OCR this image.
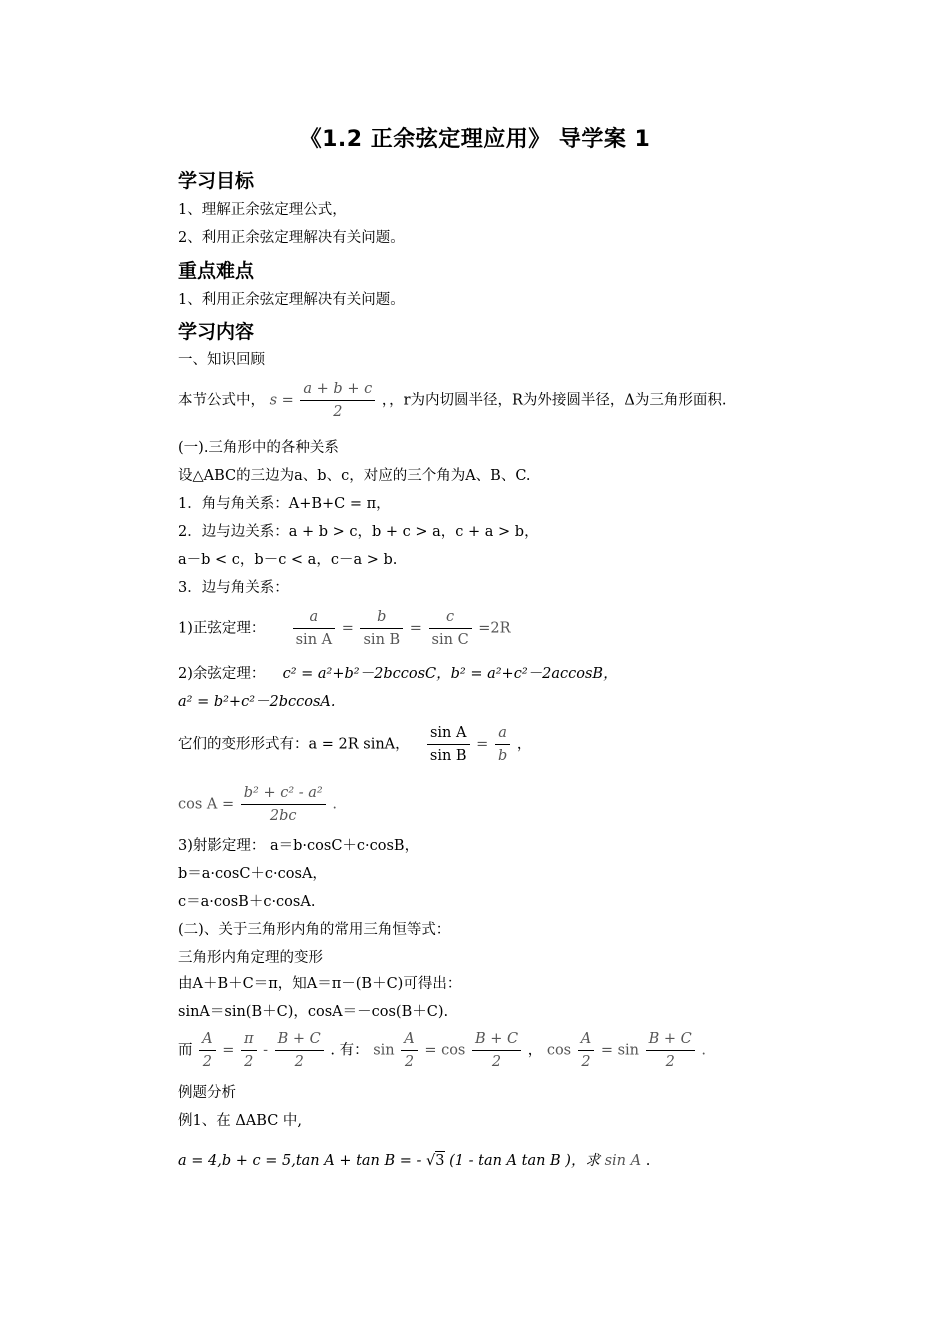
《1.2 正余弦定理应用》 导学案 1
学习目标
1、理解正余弦定理公式，
2、利用正余弦定理解决有关问题。
重点难点
1、利用正余弦定理解决有关问题。
学习内容
一、知识回顾
本节公式中， $s = \frac{a + b + c}{2}$ ，，r为内切圆半径，R为外接圆半径，Δ为三角形面积.
(一).三角形中的各种关系
设△ABC的三边为a、b、c，对应的三个角为A、B、C.
1．角与角关系：A+B+C = π，
2．边与边关系：a + b > c，b + c > a，c + a > b，
a－b < c，b－c < a，c－a > b.
3．边与角关系：
1)正弦定理： $\frac{a}{\text{sin A}} = \frac{b}{\text{sin B}} = \frac{c}{\text{sin C}} =2R$
2)余弦定理： c² = a²+b²－2bccosC，b² = a²+c²－2accosB，
a² = b²+c²－2bccosA.
它们的变形形式有：a = 2R sinA， $\frac{\text{sin A}}{\text{sin B}} = \frac{a}{b}$ ，
$\cos A = \frac{\text{b² + c² - a²}}{2bc}$ .
3)射影定理： a＝b·cosC＋c·cosB，
b＝a·cosC＋c·cosA，
c＝a·cosB＋c·cosA.
(二)、关于三角形内角的常用三角恒等式：
三角形内角定理的变形
由A＋B＋C＝π，知A＝π－(B＋C)可得出：
sinA＝sin(B＋C)，cosA＝－cos(B＋C).
而 $\frac{A}{2} = \frac{\pi}{2} - \frac{B + C}{2}$ . 有： $\sin \frac{A}{2} = \cos \frac{B + C}{2}$ ， $\cos \frac{A}{2} = \sin \frac{B + C}{2}$ .
例题分析
例1、在 ΔABC 中,
a = 4,b + c = 5,tan A + tan B = - √3 (1 - tan A tan B )，求 sin A .
